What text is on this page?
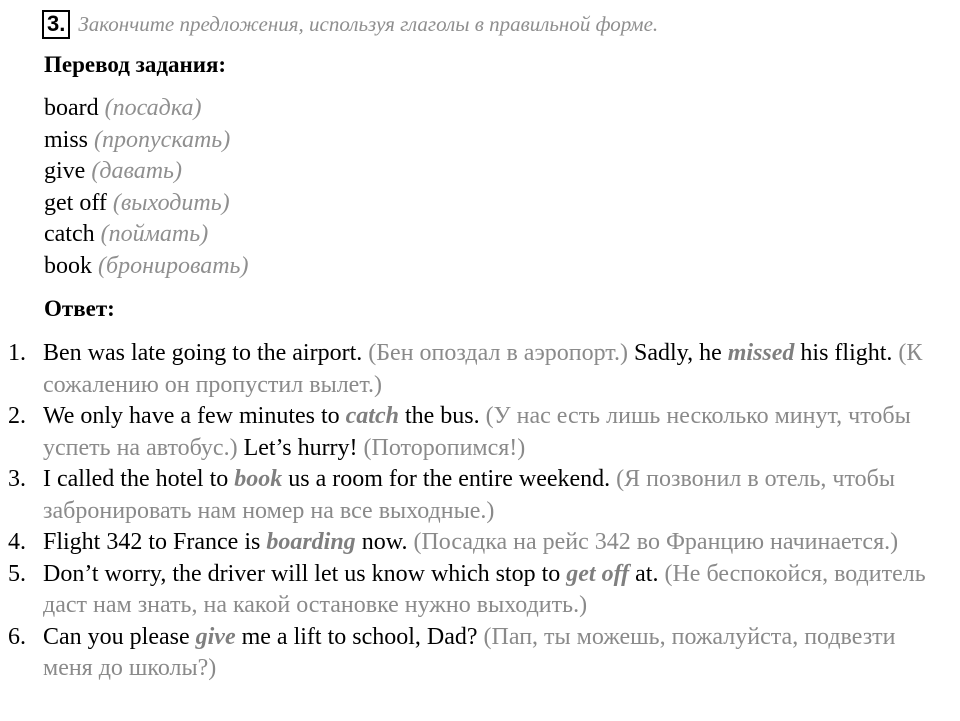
3. Закончите предложения, используя глаголы в правильной форме.
Перевод задания:
board (посадка)
miss (пропускать)
give (давать)
get off (выходить)
catch (поймать)
book (бронировать)
Ответ:
1. Ben was late going to the airport. (Бен опоздал в аэропорт.) Sadly, he missed his flight. (К сожалению он пропустил вылет.)
2. We only have a few minutes to catch the bus. (У нас есть лишь несколько минут, чтобы успеть на автобус.) Let’s hurry! (Поторопимся!)
3. I called the hotel to book us a room for the entire weekend. (Я позвонил в отель, чтобы забронировать нам номер на все выходные.)
4. Flight 342 to France is boarding now. (Посадка на рейс 342 во Францию начинается.)
5. Don’t worry, the driver will let us know which stop to get off at. (Не беспокойся, водитель даст нам знать, на какой остановке нужно выходить.)
6. Can you please give me a lift to school, Dad? (Пап, ты можешь, пожалуйста, подвезти меня до школы?)
